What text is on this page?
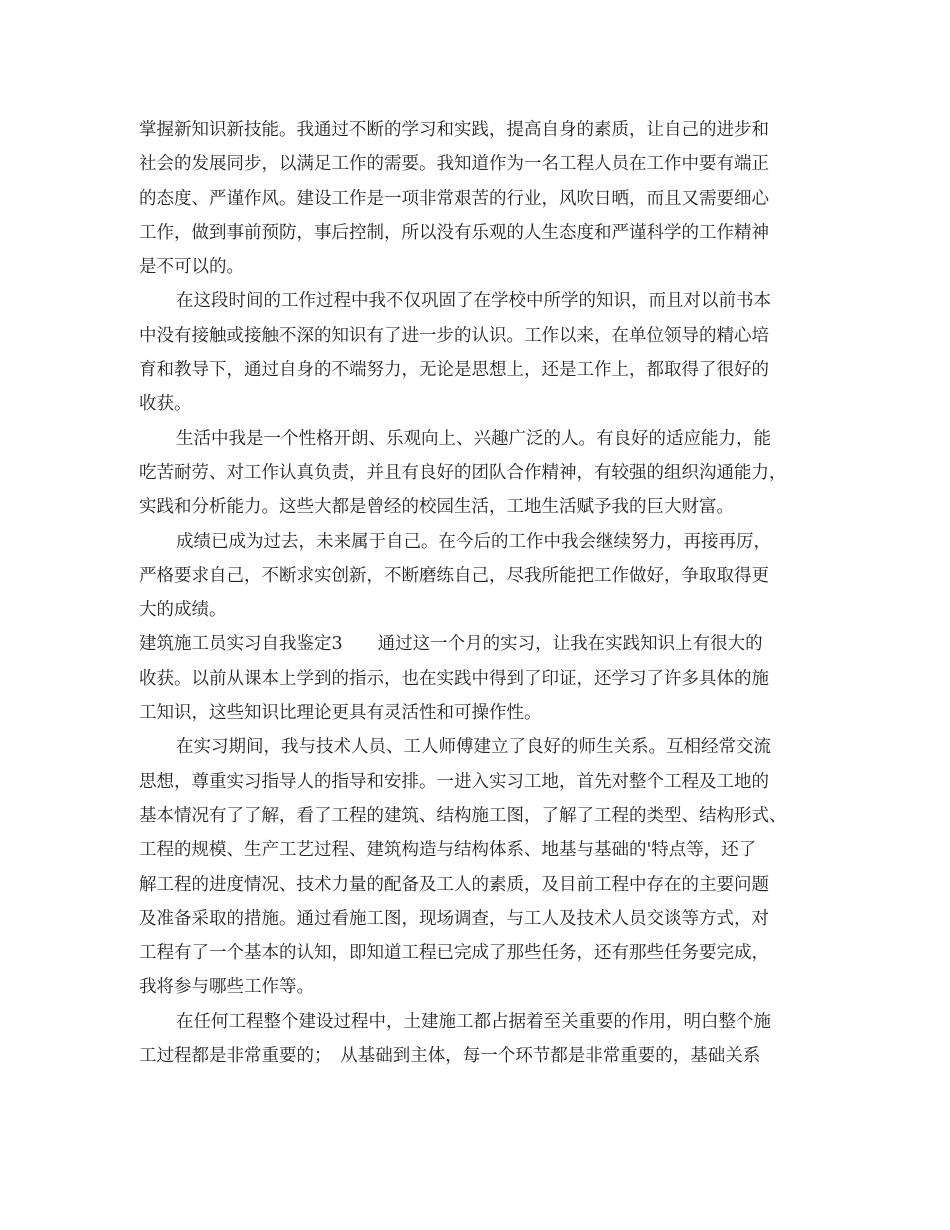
掌握新知识新技能。我通过不断的学习和实践，提高自身的素质，让自己的进步和
社会的发展同步，以满足工作的需要。我知道作为一名工程人员在工作中要有端正
的态度、严谨作风。建设工作是一项非常艰苦的行业，风吹日晒，而且又需要细心
工作，做到事前预防，事后控制，所以没有乐观的人生态度和严谨科学的工作精神
是不可以的。
在这段时间的工作过程中我不仅巩固了在学校中所学的知识，而且对以前书本
中没有接触或接触不深的知识有了进一步的认识。工作以来，在单位领导的精心培
育和教导下，通过自身的不端努力，无论是思想上，还是工作上，都取得了很好的
收获。
生活中我是一个性格开朗、乐观向上、兴趣广泛的人。有良好的适应能力，能
吃苦耐劳、对工作认真负责，并且有良好的团队合作精神，有较强的组织沟通能力，
实践和分析能力。这些大都是曾经的校园生活，工地生活赋予我的巨大财富。
成绩已成为过去，未来属于自己。在今后的工作中我会继续努力，再接再厉，
严格要求自己，不断求实创新，不断磨练自己，尽我所能把工作做好，争取取得更
大的成绩。
建筑施工员实习自我鉴定3　　通过这一个月的实习，让我在实践知识上有很大的
收获。以前从课本上学到的指示，也在实践中得到了印证，还学习了许多具体的施
工知识，这些知识比理论更具有灵活性和可操作性。
在实习期间，我与技术人员、工人师傅建立了良好的师生关系。互相经常交流
思想，尊重实习指导人的指导和安排。一进入实习工地，首先对整个工程及工地的
基本情况有了了解，看了工程的建筑、结构施工图，了解了工程的类型、结构形式、
工程的规模、生产工艺过程、建筑构造与结构体系、地基与基础的'特点等，还了
解工程的进度情况、技术力量的配备及工人的素质，及目前工程中存在的主要问题
及准备采取的措施。通过看施工图，现场调查，与工人及技术人员交谈等方式，对
工程有了一个基本的认知，即知道工程已完成了那些任务，还有那些任务要完成，
我将参与哪些工作等。
在任何工程整个建设过程中，土建施工都占据着至关重要的作用，明白整个施
工过程都是非常重要的；　从基础到主体，每一个环节都是非常重要的，基础关系
